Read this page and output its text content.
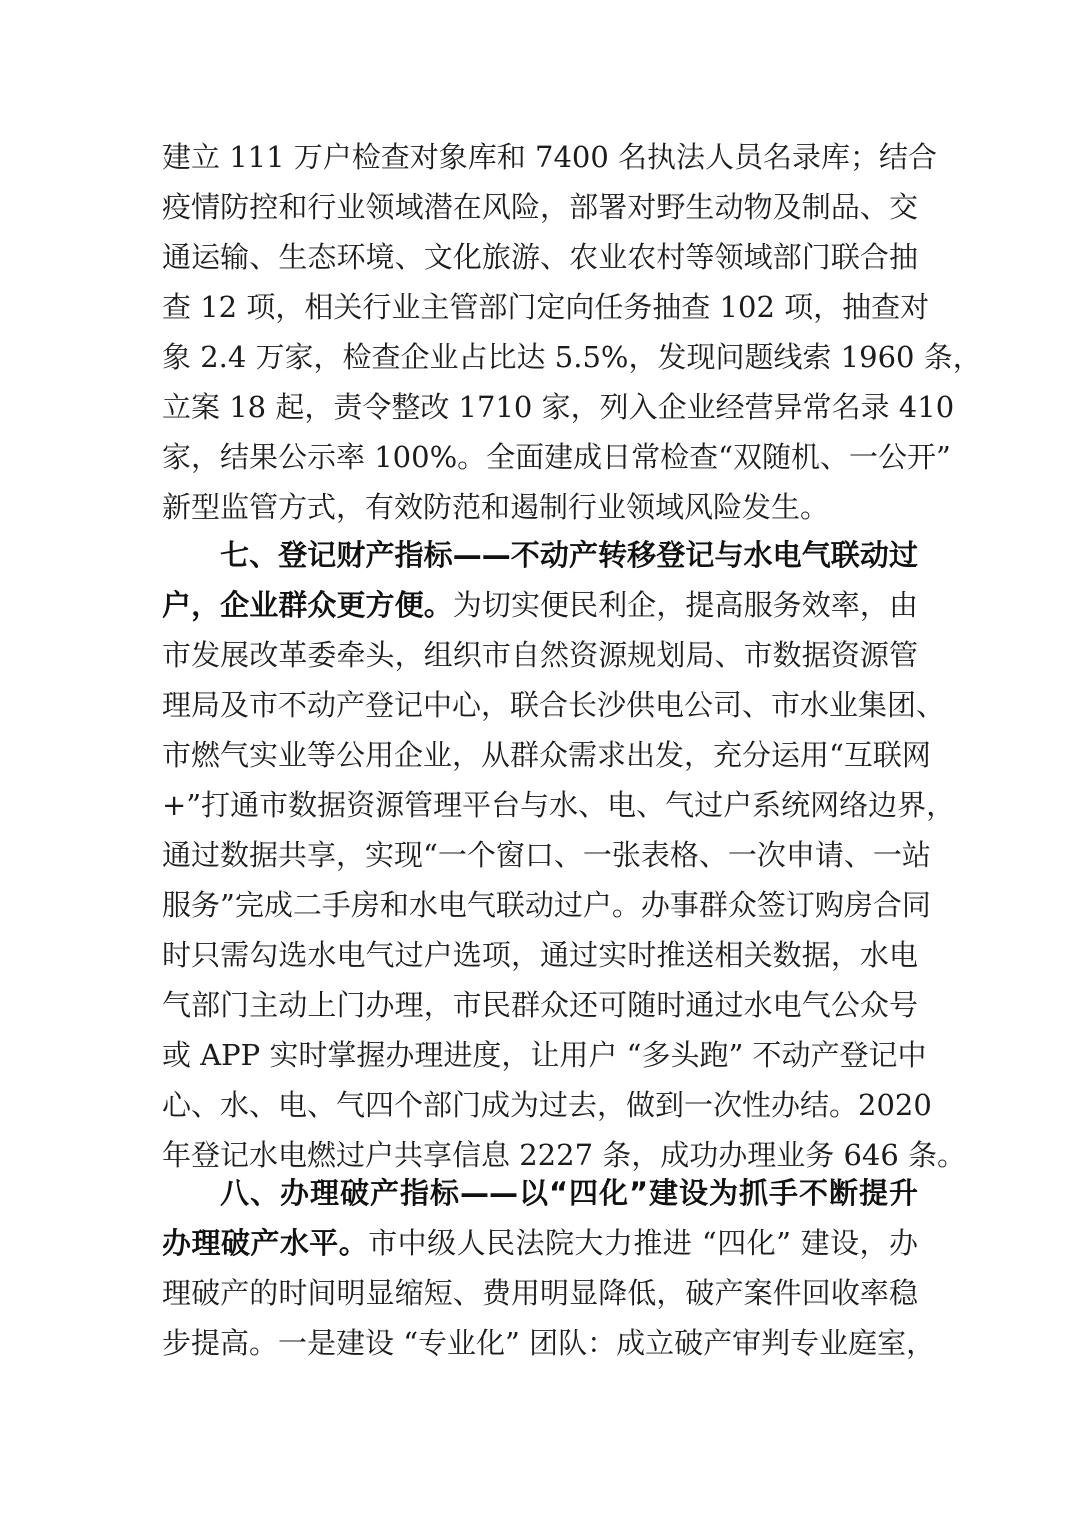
建立 111 万户检查对象库和 7400 名执法人员名录库；结合
疫情防控和行业领域潜在风险，部署对野生动物及制品、交
通运输、生态环境、文化旅游、农业农村等领域部门联合抽
查 12 项，相关行业主管部门定向任务抽查 102 项，抽查对
象 2.4 万家，检查企业占比达 5.5%，发现问题线索 1960 条，
立案 18 起，责令整改 1710 家，列入企业经营异常名录 410
家，结果公示率 100%。全面建成日常检查“双随机、一公开”
新型监管方式，有效防范和遏制行业领域风险发生。
七、登记财产指标——不动产转移登记与水电气联动过
户，企业群众更方便。为切实便民利企，提高服务效率，由
市发展改革委牵头，组织市自然资源规划局、市数据资源管
理局及市不动产登记中心，联合长沙供电公司、市水业集团、
市燃气实业等公用企业，从群众需求出发，充分运用“互联网
+”打通市数据资源管理平台与水、电、气过户系统网络边界，
通过数据共享，实现“一个窗口、一张表格、一次申请、一站
服务”完成二手房和水电气联动过户。办事群众签订购房合同
时只需勾选水电气过户选项，通过实时推送相关数据，水电
气部门主动上门办理，市民群众还可随时通过水电气公众号
或 APP 实时掌握办理进度，让用户 “多头跑” 不动产登记中
心、水、电、气四个部门成为过去，做到一次性办结。2020
年登记水电燃过户共享信息 2227 条，成功办理业务 646 条。
八、办理破产指标——以“四化”建设为抓手不断提升
办理破产水平。市中级人民法院大力推进 “四化” 建设，办
理破产的时间明显缩短、费用明显降低，破产案件回收率稳
步提高。一是建设 “专业化” 团队：成立破产审判专业庭室，
